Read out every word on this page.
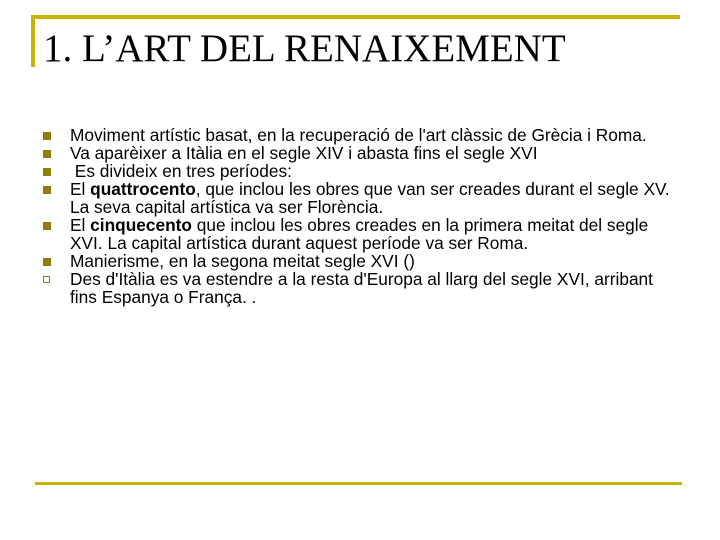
1. L’ART DEL RENAIXEMENT
Moviment artístic basat, en la recuperació de l'art clàssic de Grècia i Roma.
Va aparèixer a Itàlia en el segle XIV i abasta fins el segle XVI
Es divideix en tres períodes:
El quattrocento, que inclou les obres que van ser creades durant el segle XV. La seva capital artística va ser Florència.
El cinquecento que inclou les obres creades en la primera meitat del segle XVI. La capital artística durant aquest període va ser Roma.
Manierisme, en la segona meitat segle XVI ()
Des d'Itàlia es va estendre a la resta d'Europa al llarg del segle XVI, arribant fins Espanya o França. .
